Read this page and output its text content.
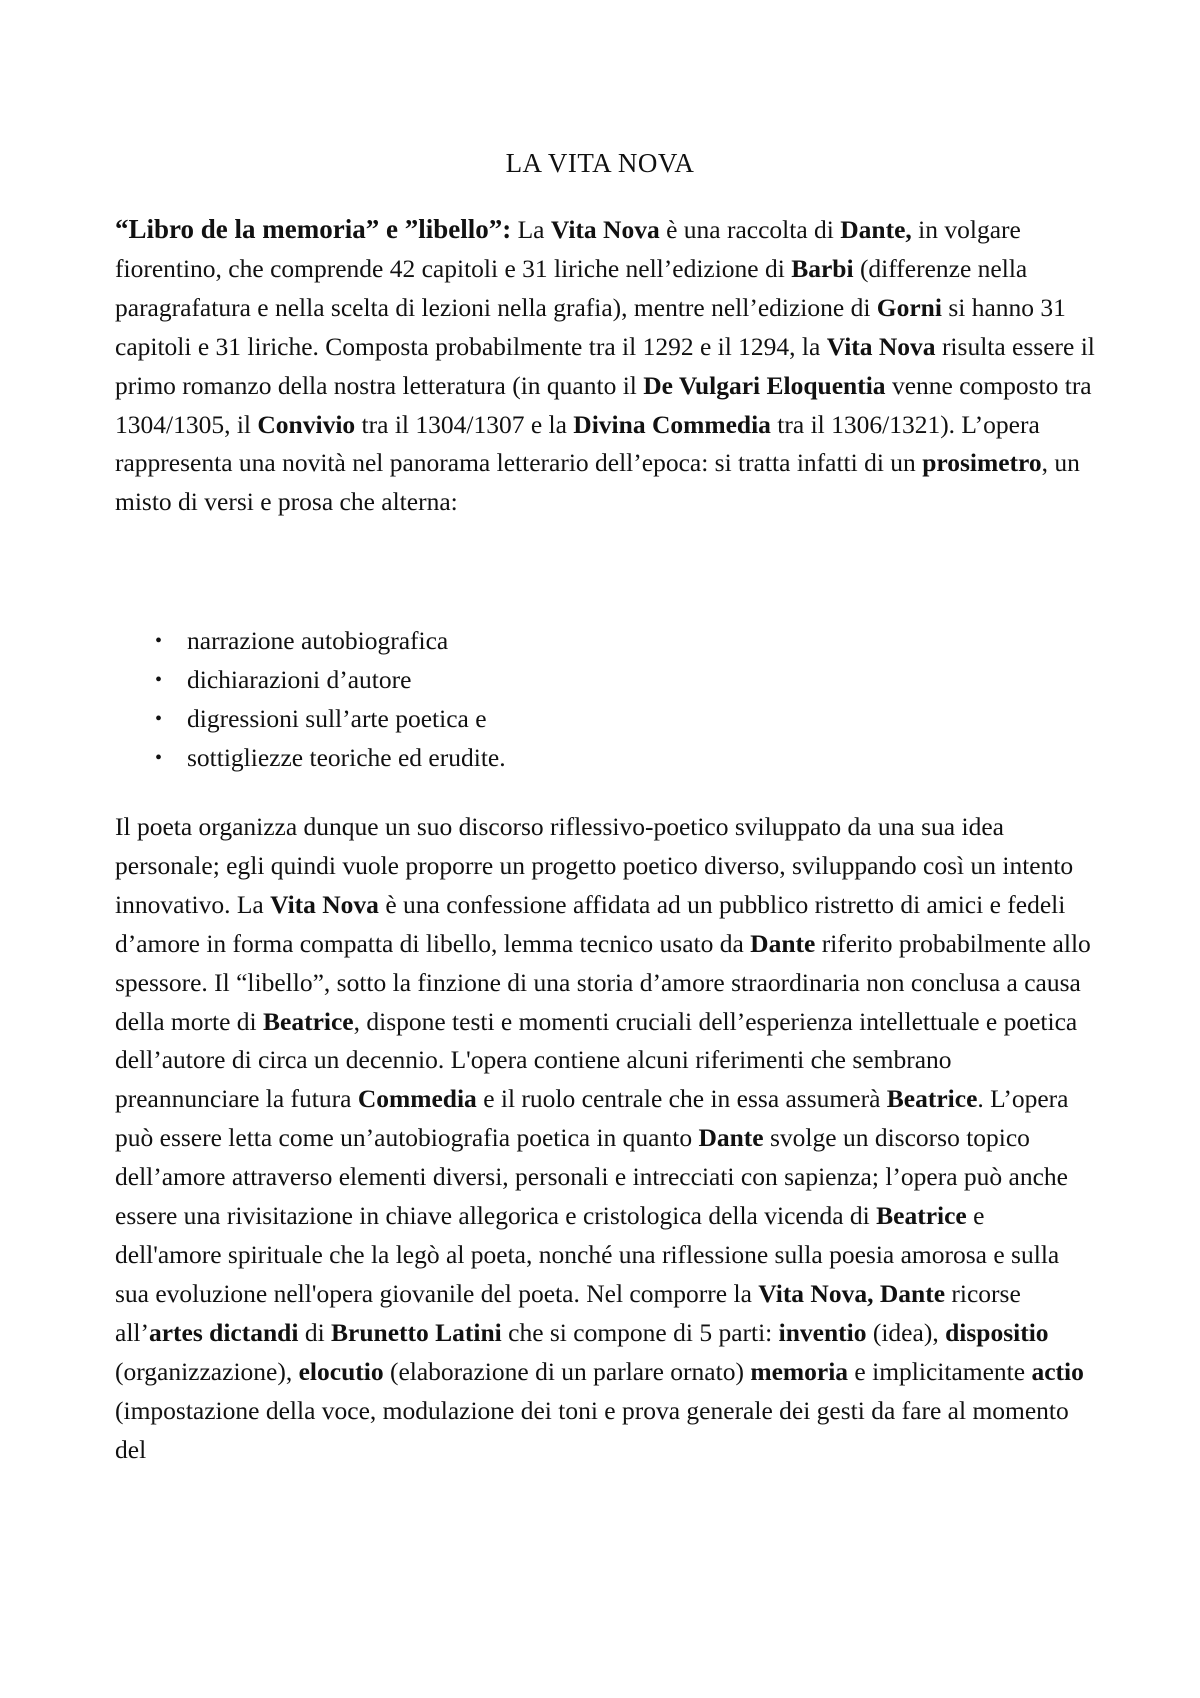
LA VITA NOVA

“Libro de la memoria” e ”libello”: La Vita Nova è una raccolta di Dante, in volgare fiorentino, che comprende 42 capitoli e 31 liriche nell’edizione di Barbi (differenze nella paragrafatura e nella scelta di lezioni nella grafia), mentre nell’edizione di Gorni si hanno 31 capitoli e 31 liriche. Composta probabilmente tra il 1292 e il 1294, la Vita Nova risulta essere il primo romanzo della nostra letteratura (in quanto il De Vulgari Eloquentia venne composto tra 1304/1305, il Convivio tra il 1304/1307 e la Divina Commedia tra il 1306/1321). L’opera rappresenta una novità nel panorama letterario dell’epoca: si tratta infatti di un prosimetro, un misto di versi e prosa che alterna:

• narrazione autobiografica
• dichiarazioni d’autore
• digressioni sull’arte poetica e
• sottigliezze teoriche ed erudite.

Il poeta organizza dunque un suo discorso riflessivo-poetico sviluppato da una sua idea personale; egli quindi vuole proporre un progetto poetico diverso, sviluppando così un intento innovativo. La Vita Nova è una confessione affidata ad un pubblico ristretto di amici e fedeli d’amore in forma compatta di libello, lemma tecnico usato da Dante riferito probabilmente allo spessore. Il “libello”, sotto la finzione di una storia d’amore straordinaria non conclusa a causa della morte di Beatrice, dispone testi e momenti cruciali dell’esperienza intellettuale e poetica dell’autore di circa un decennio. L'opera contiene alcuni riferimenti che sembrano preannunciare la futura Commedia e il ruolo centrale che in essa assumerà Beatrice. L’opera può essere letta come un’autobiografia poetica in quanto Dante svolge un discorso topico dell’amore attraverso elementi diversi, personali e intrecciati con sapienza; l’opera può anche essere una rivisitazione in chiave allegorica e cristologica della vicenda di Beatrice e dell'amore spirituale che la legò al poeta, nonché una riflessione sulla poesia amorosa e sulla sua evoluzione nell'opera giovanile del poeta. Nel comporre la Vita Nova, Dante ricorse all’artes dictandi di Brunetto Latini che si compone di 5 parti: inventio (idea), dispositio (organizzazione), elocutio (elaborazione di un parlare ornato) memoria e implicitamente actio (impostazione della voce, modulazione dei toni e prova generale dei gesti da fare al momento del
